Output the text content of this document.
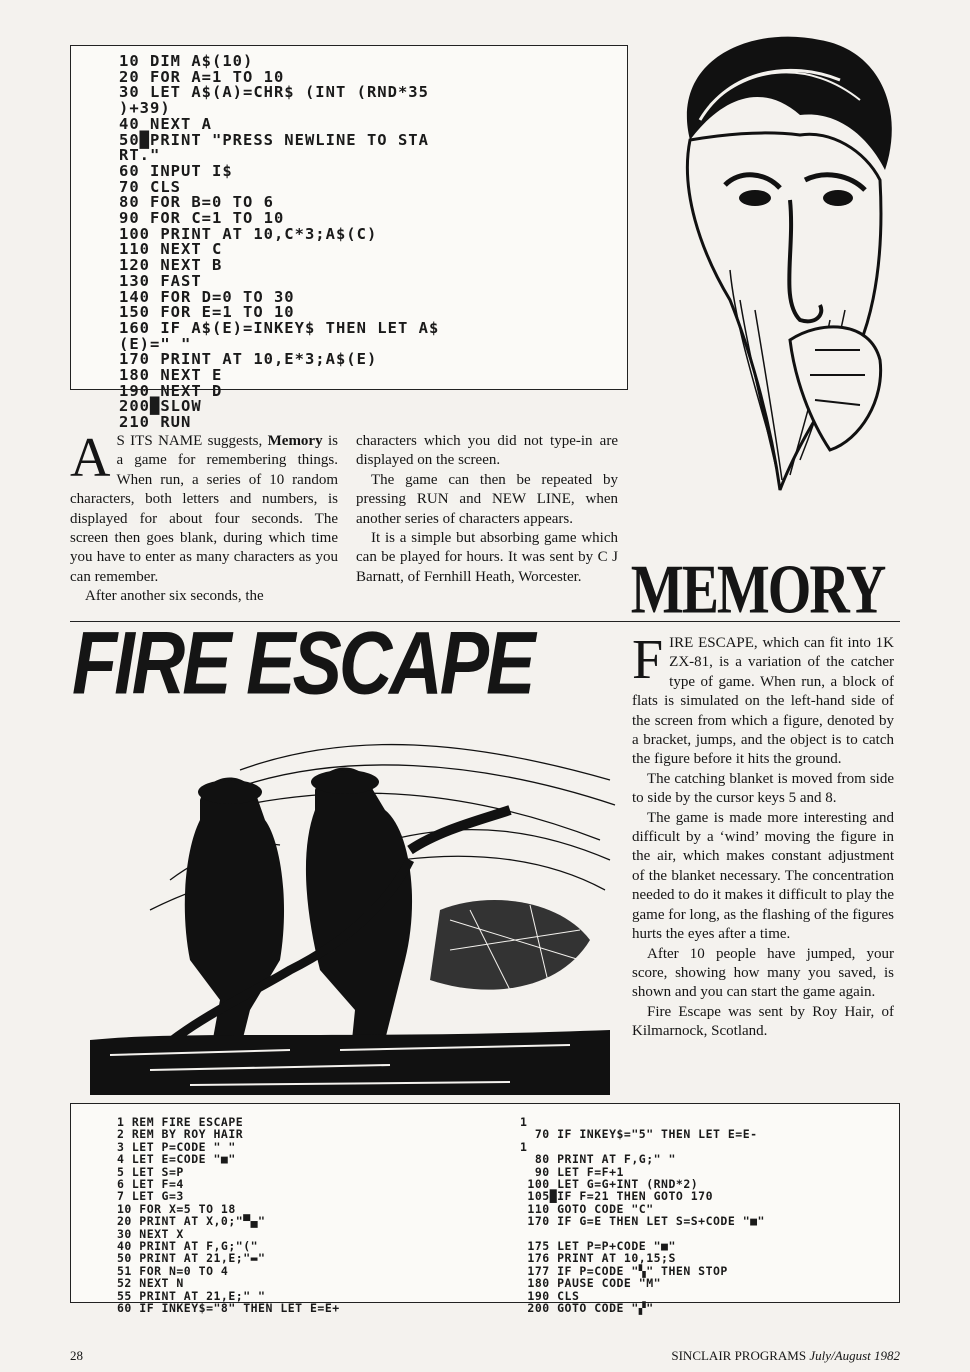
10 DIM A$(10)
20 FOR A=1 TO 10
30 LET A$(A)=CHR$ (INT (RND*35
)+39)
40 NEXT A
50█PRINT "PRESS NEWLINE TO STA
RT."
60 INPUT I$
70 CLS
80 FOR B=0 TO 6
90 FOR C=1 TO 10
100 PRINT AT 10,C*3;A$(C)
110 NEXT C
120 NEXT B
130 FAST
140 FOR D=0 TO 30
150 FOR E=1 TO 10
160 IF A$(E)=INKEY$ THEN LET A$
(E)=" "
170 PRINT AT 10,E*3;A$(E)
180 NEXT E
190 NEXT D
200█SLOW
210 RUN

A S ITS NAME suggests, Memory is a game for remembering things. When run, a series of 10 random characters, both letters and numbers, is displayed for about four seconds. The screen then goes blank, during which time you have to enter as many characters as you can remember.

After another six seconds, the

characters which you did not type-in are displayed on the screen.

The game can then be repeated by pressing RUN and NEW LINE, when another series of characters appears.

It is a simple but absorbing game which can be played for hours. It was sent by C J Barnatt, of Fernhill Heath, Worcester. MEMORY
FIRE ESCAPE	FIRE ESCAPE, which can fit into 1K ZX-81, is a variation of the catcher type of game. When run, a block of flats is simulated on the left-hand side of the screen from which a figure, denoted by a bracket, jumps, and the object is to catch the figure before it hits the ground.

The catching blanket is moved from side to side by the cursor keys 5 and 8.

The game is made more interesting and difficult by a ‘wind’ moving the figure in the air, which makes constant adjustment of the blanket necessary. The concentration needed to do it makes it difficult to play the game for long, as the flashing of the figures hurts the eyes after a time.

After 10 people have jumped, your score, showing how many you saved, is shown and you can start the game again.

Fire Escape was sent by Roy Hair, of Kilmarnock, Scotland.

1 REM FIRE ESCAPE
2 REM BY ROY HAIR
3 LET P=CODE " "
4 LET E=CODE "■"
5 LET S=P
6 LET F=4
7 LET G=3
10 FOR X=5 TO 18
20 PRINT AT X,0;"▀▄"
30 NEXT X
40 PRINT AT F,G;"("
50 PRINT AT 21,E;"▬"
51 FOR N=0 TO 4
52 NEXT N
55 PRINT AT 21,E;" "
60 IF INKEY$="8" THEN LET E=E+
1
70 IF INKEY$="5" THEN LET E=E-
1
80 PRINT AT F,G;" "
90 LET F=F+1
100 LET G=G+INT (RND*2)
105█IF F=21 THEN GOTO 170
110 GOTO CODE "C"
170 IF G=E THEN LET S=S+CODE "■"

175 LET P=P+CODE "■"
176 PRINT AT 10,15;S
177 IF P=CODE "▚" THEN STOP
180 PAUSE CODE "M"
190 CLS
200 GOTO CODE "▞"
28	SINCLAIR PROGRAMS July/August 1982
